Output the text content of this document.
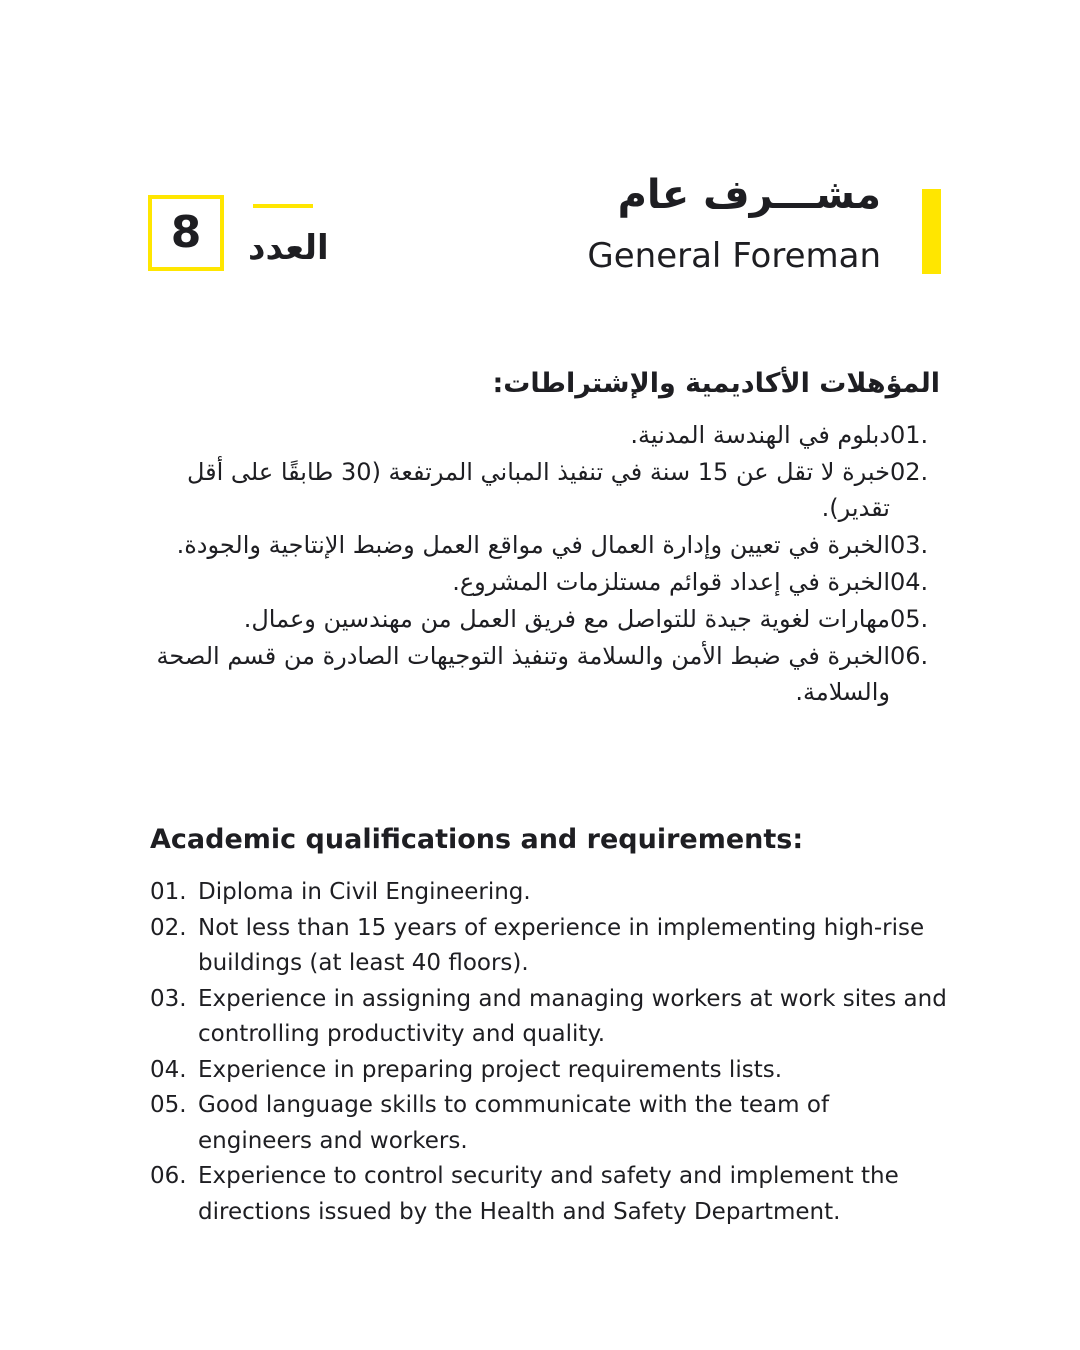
مشـــرف عام
General Foreman
العدد
8
المؤهلات الأكاديمية والإشتراطات:
01.
دبلوم في الهندسة المدنية.
02.
خبرة لا تقل عن 15 سنة في تنفيذ المباني المرتفعة (30 طابقًا على أقل تقدير).
03.
الخبرة في تعيين وإدارة العمال في مواقع العمل وضبط الإنتاجية والجودة.
04.
الخبرة في إعداد قوائم مستلزمات المشروع.
05.
مهارات لغوية جيدة للتواصل مع فريق العمل من مهندسين وعمال.
06.
الخبرة في ضبط الأمن والسلامة وتنفيذ التوجيهات الصادرة من قسم الصحة والسلامة.
Academic qualifications and requirements:
01. Diploma in Civil Engineering.
02. Not less than 15 years of experience in implementing high-rise buildings (at least 40 floors).
03. Experience in assigning and managing workers at work sites and controlling productivity and quality.
04. Experience in preparing project requirements lists.
05. Good language skills to communicate with the team of engineers and workers.
06. Experience to control security and safety and implement the directions issued by the Health and Safety Department.
